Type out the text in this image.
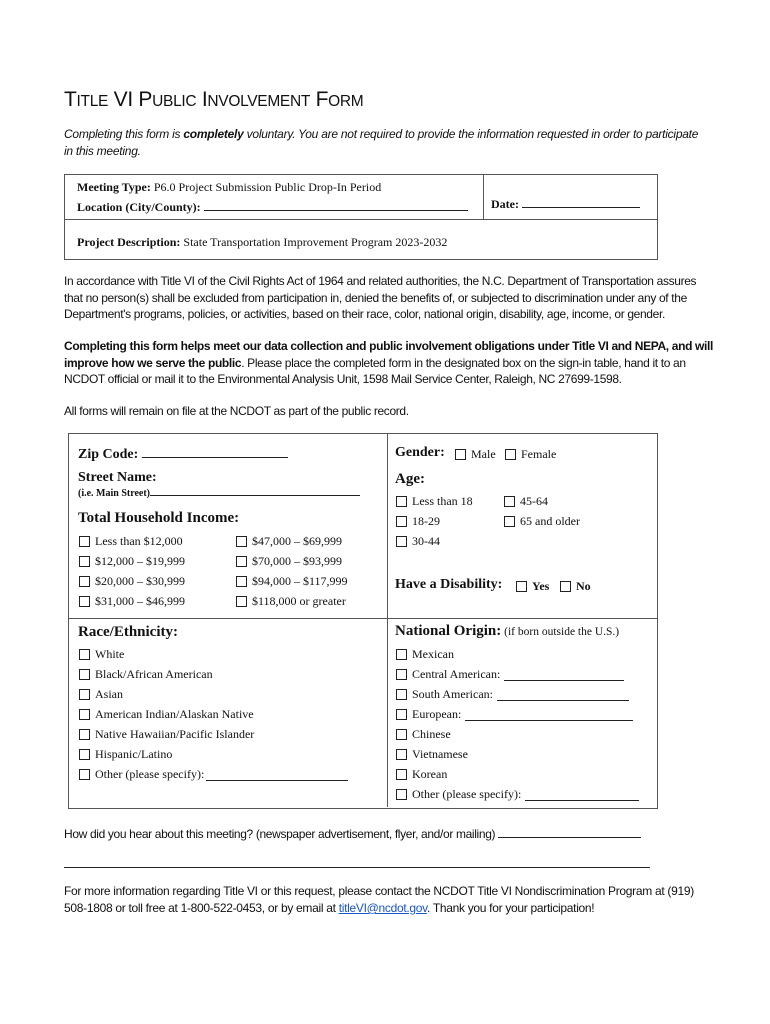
TITLE VI PUBLIC INVOLVEMENT FORM

Completing this form is completely voluntary. You are not required to provide the information requested in order to participate in this meeting.

Meeting Type: P6.0 Project Submission Public Drop-In Period
Location (City/County):	Date:
Project Description: State Transportation Improvement Program 2023-2032

In accordance with Title VI of the Civil Rights Act of 1964 and related authorities, the N.C. Department of Transportation assures that no person(s) shall be excluded from participation in, denied the benefits of, or subjected to discrimination under any of the Department's programs, policies, or activities, based on their race, color, national origin, disability, age, income, or gender.

Completing this form helps meet our data collection and public involvement obligations under Title VI and NEPA, and will improve how we serve the public. Please place the completed form in the designated box on the sign-in table, hand it to an NCDOT official or mail it to the Environmental Analysis Unit, 1598 Mail Service Center, Raleigh, NC 27699-1598.

All forms will remain on file at the NCDOT as part of the public record.

Zip Code:
Street Name:
(i.e. Main Street)
Total Household Income:
Less than $12,000
$12,000 – $19,999
$20,000 – $30,999
$31,000 – $46,999
$47,000 – $69,999
$70,000 – $93,999
$94,000 – $117,999
$118,000 or greater
Gender: Male Female
Age:
Less than 18
18-29
30-44
45-64
65 and older
Have a Disability: Yes No
Race/Ethnicity:
White
Black/African American
Asian
American Indian/Alaskan Native
Native Hawaiian/Pacific Islander
Hispanic/Latino
Other (please specify):
National Origin: (if born outside the U.S.)
Mexican
Central American:
South American:
European:
Chinese
Vietnamese
Korean
Other (please specify):
How did you hear about this meeting? (newspaper advertisement, flyer, and/or mailing)

For more information regarding Title VI or this request, please contact the NCDOT Title VI Nondiscrimination Program at (919) 508-1808 or toll free at 1-800-522-0453, or by email at titleVI@ncdot.gov. Thank you for your participation!
